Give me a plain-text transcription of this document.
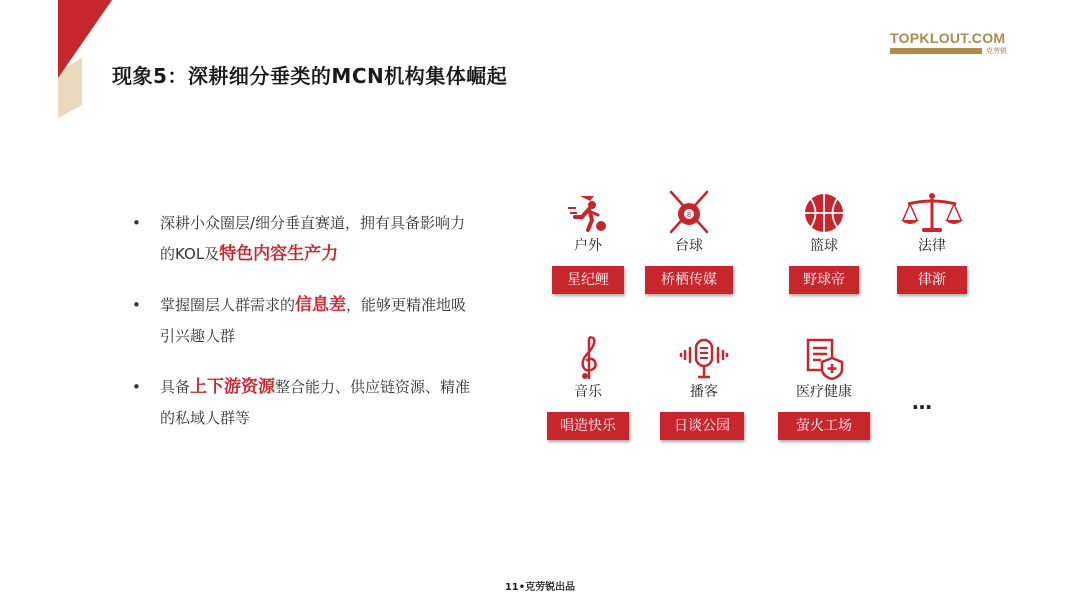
现象5：深耕细分垂类的MCN机构集体崛起
TOPKLOUT.COM
克劳锐
• 深耕小众圈层/细分垂直赛道，拥有具备影响力的KOL及特色内容生产力
• 掌握圈层人群需求的信息差，能够更精准地吸引兴趣人群
• 具备上下游资源整合能力、供应链资源、精准的私域人群等
户外
星纪鲤
8
台球
桥栖传媒
篮球
野球帝
法律
律渐
音乐
唱造快乐
播客
日谈公园
医疗健康
萤火工场
…
11•克劳锐出品
